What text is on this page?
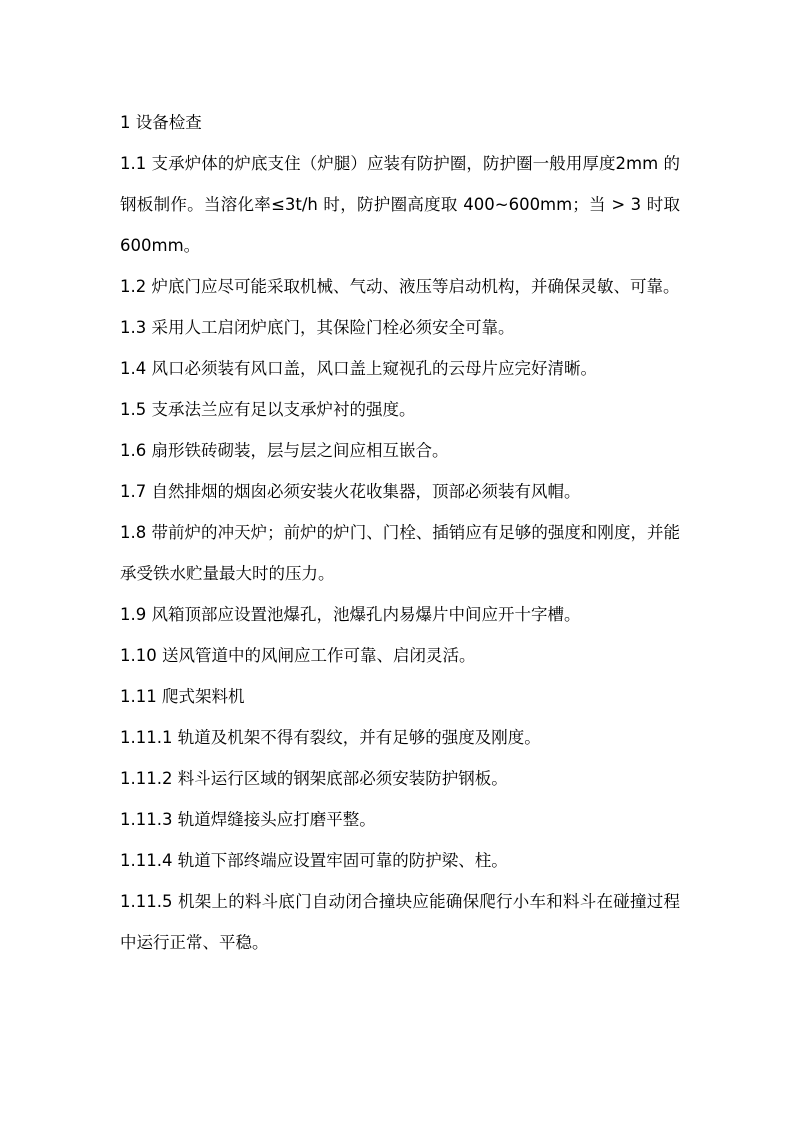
1 设备检查

1.1 支承炉体的炉底支住（炉腿）应装有防护圈，防护圈一般用厚度2mm 的钢板制作。当溶化率≤3t/h 时，防护圈高度取 400~600mm；当 > 3 时取 600mm。

1.2 炉底门应尽可能采取机械、气动、液压等启动机构，并确保灵敏、可靠。

1.3 采用人工启闭炉底门，其保险门栓必须安全可靠。

1.4 风口必须装有风口盖，风口盖上窥视孔的云母片应完好清晰。

1.5 支承法兰应有足以支承炉衬的强度。

1.6 扇形铁砖砌装，层与层之间应相互嵌合。

1.7 自然排烟的烟囱必须安装火花收集器，顶部必须装有风帽。

1.8 带前炉的冲天炉；前炉的炉门、门栓、插销应有足够的强度和刚度，并能承受铁水贮量最大时的压力。

1.9 风箱顶部应设置池爆孔，池爆孔内易爆片中间应开十字槽。

1.10 送风管道中的风闸应工作可靠、启闭灵活。

1.11 爬式架料机

1.11.1 轨道及机架不得有裂纹，并有足够的强度及刚度。

1.11.2 料斗运行区域的钢架底部必须安装防护钢板。

1.11.3 轨道焊缝接头应打磨平整。

1.11.4 轨道下部终端应设置牢固可靠的防护梁、柱。

1.11.5 机架上的料斗底门自动闭合撞块应能确保爬行小车和料斗在碰撞过程中运行正常、平稳。
